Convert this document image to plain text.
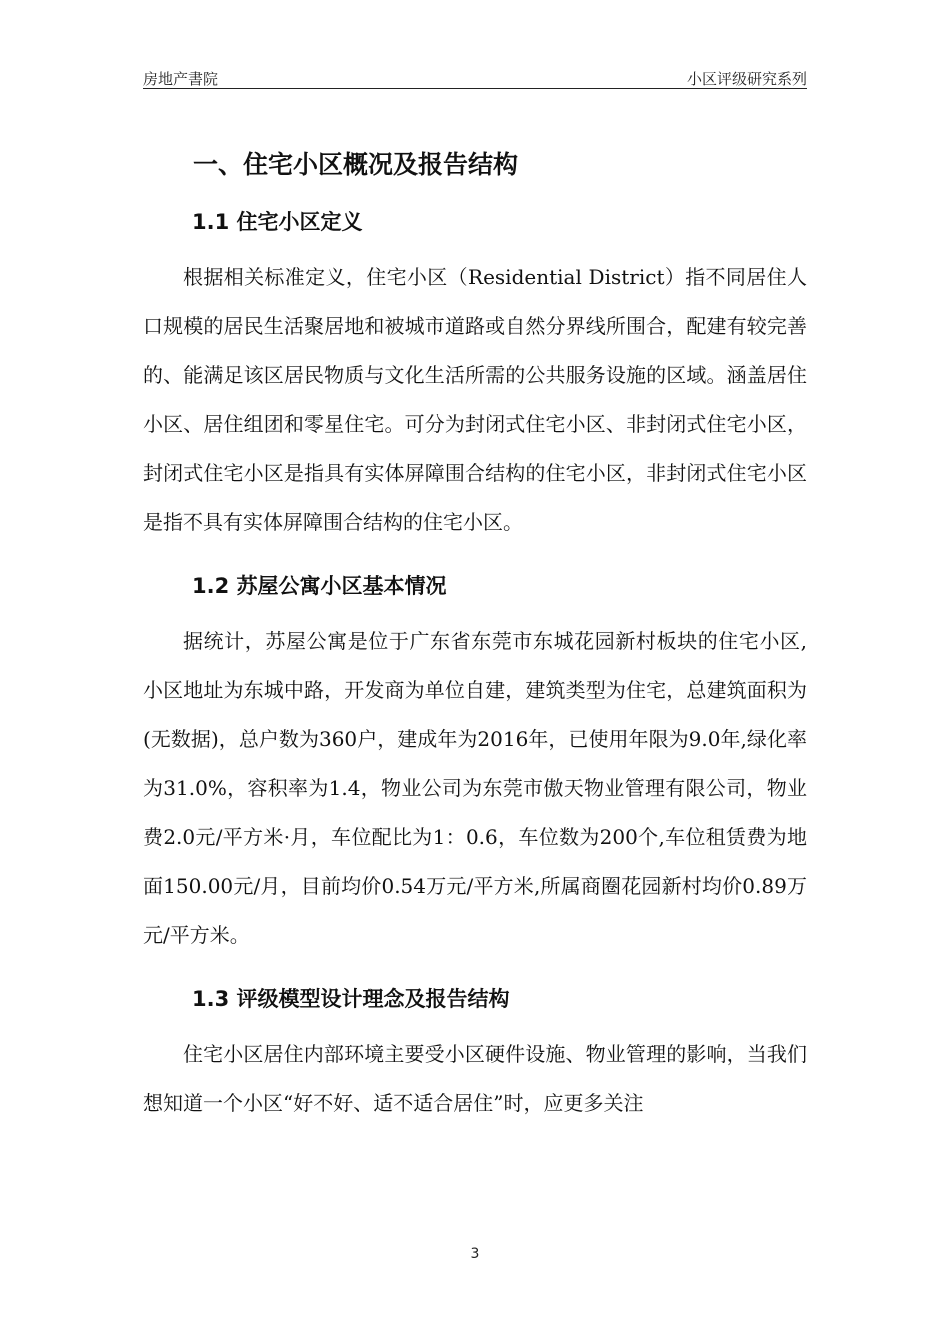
房地产書院	小区评级研究系列
一、住宅小区概况及报告结构
1.1 住宅小区定义

根据相关标准定义，住宅小区（Residential District）指不同居住人口规模的居民生活聚居地和被城市道路或自然分界线所围合，配建有较完善的、能满足该区居民物质与文化生活所需的公共服务设施的区域。涵盖居住小区、居住组团和零星住宅。可分为封闭式住宅小区、非封闭式住宅小区，封闭式住宅小区是指具有实体屏障围合结构的住宅小区，非封闭式住宅小区是指不具有实体屏障围合结构的住宅小区。

1.2 苏屋公寓小区基本情况

据统计，苏屋公寓是位于广东省东莞市东城花园新村板块的住宅小区,小区地址为东城中路，开发商为单位自建，建筑类型为住宅，总建筑面积为(无数据)，总户数为360户，建成年为2016年，已使用年限为9.0年,绿化率为31.0%，容积率为1.4，物业公司为东莞市傲天物业管理有限公司，物业费2.0元/平方米·月，车位配比为1：0.6，车位数为200个,车位租赁费为地面150.00元/月，目前均价0.54万元/平方米,所属商圈花园新村均价0.89万元/平方米。

1.3 评级模型设计理念及报告结构

住宅小区居住内部环境主要受小区硬件设施、物业管理的影响，当我们想知道一个小区“好不好、适不适合居住”时，应更多关注

3
